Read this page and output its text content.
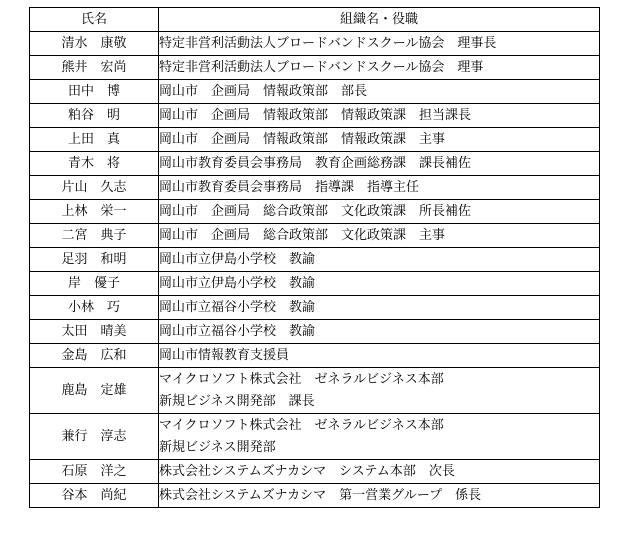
氏名	組織名・役職
清水　康敬	特定非営利活動法人ブロードバンドスクール協会　理事長

熊井　宏尚	特定非営利活動法人ブロードバンドスクール協会　理事

田中　博	岡山市　企画局　情報政策部　部長

粕谷　明	岡山市　企画局　情報政策部　情報政策課　担当課長

上田　真	岡山市　企画局　情報政策部　情報政策課　主事

青木　将	岡山市教育委員会事務局　教育企画総務課　課長補佐

片山　久志	岡山市教育委員会事務局　指導課　指導主任

上林　栄一	岡山市　企画局　総合政策部　文化政策課　所長補佐

二宮　典子	岡山市　企画局　総合政策部　文化政策課　主事

足羽　和明	岡山市立伊島小学校　教諭

岸　優子	岡山市立伊島小学校　教諭

小林　巧	岡山市立福谷小学校　教諭

太田　晴美	岡山市立福谷小学校　教諭

金島　広和	岡山市情報教育支援員

鹿島　定雄	マイクロソフト株式会社　ゼネラルビジネス本部
新規ビジネス開発部　課長

兼行　淳志	マイクロソフト株式会社　ゼネラルビジネス本部
新規ビジネス開発部

石原　洋之	株式会社システムズナカシマ　システム本部　次長

谷本　尚紀	株式会社システムズナカシマ　第一営業グループ　係長
